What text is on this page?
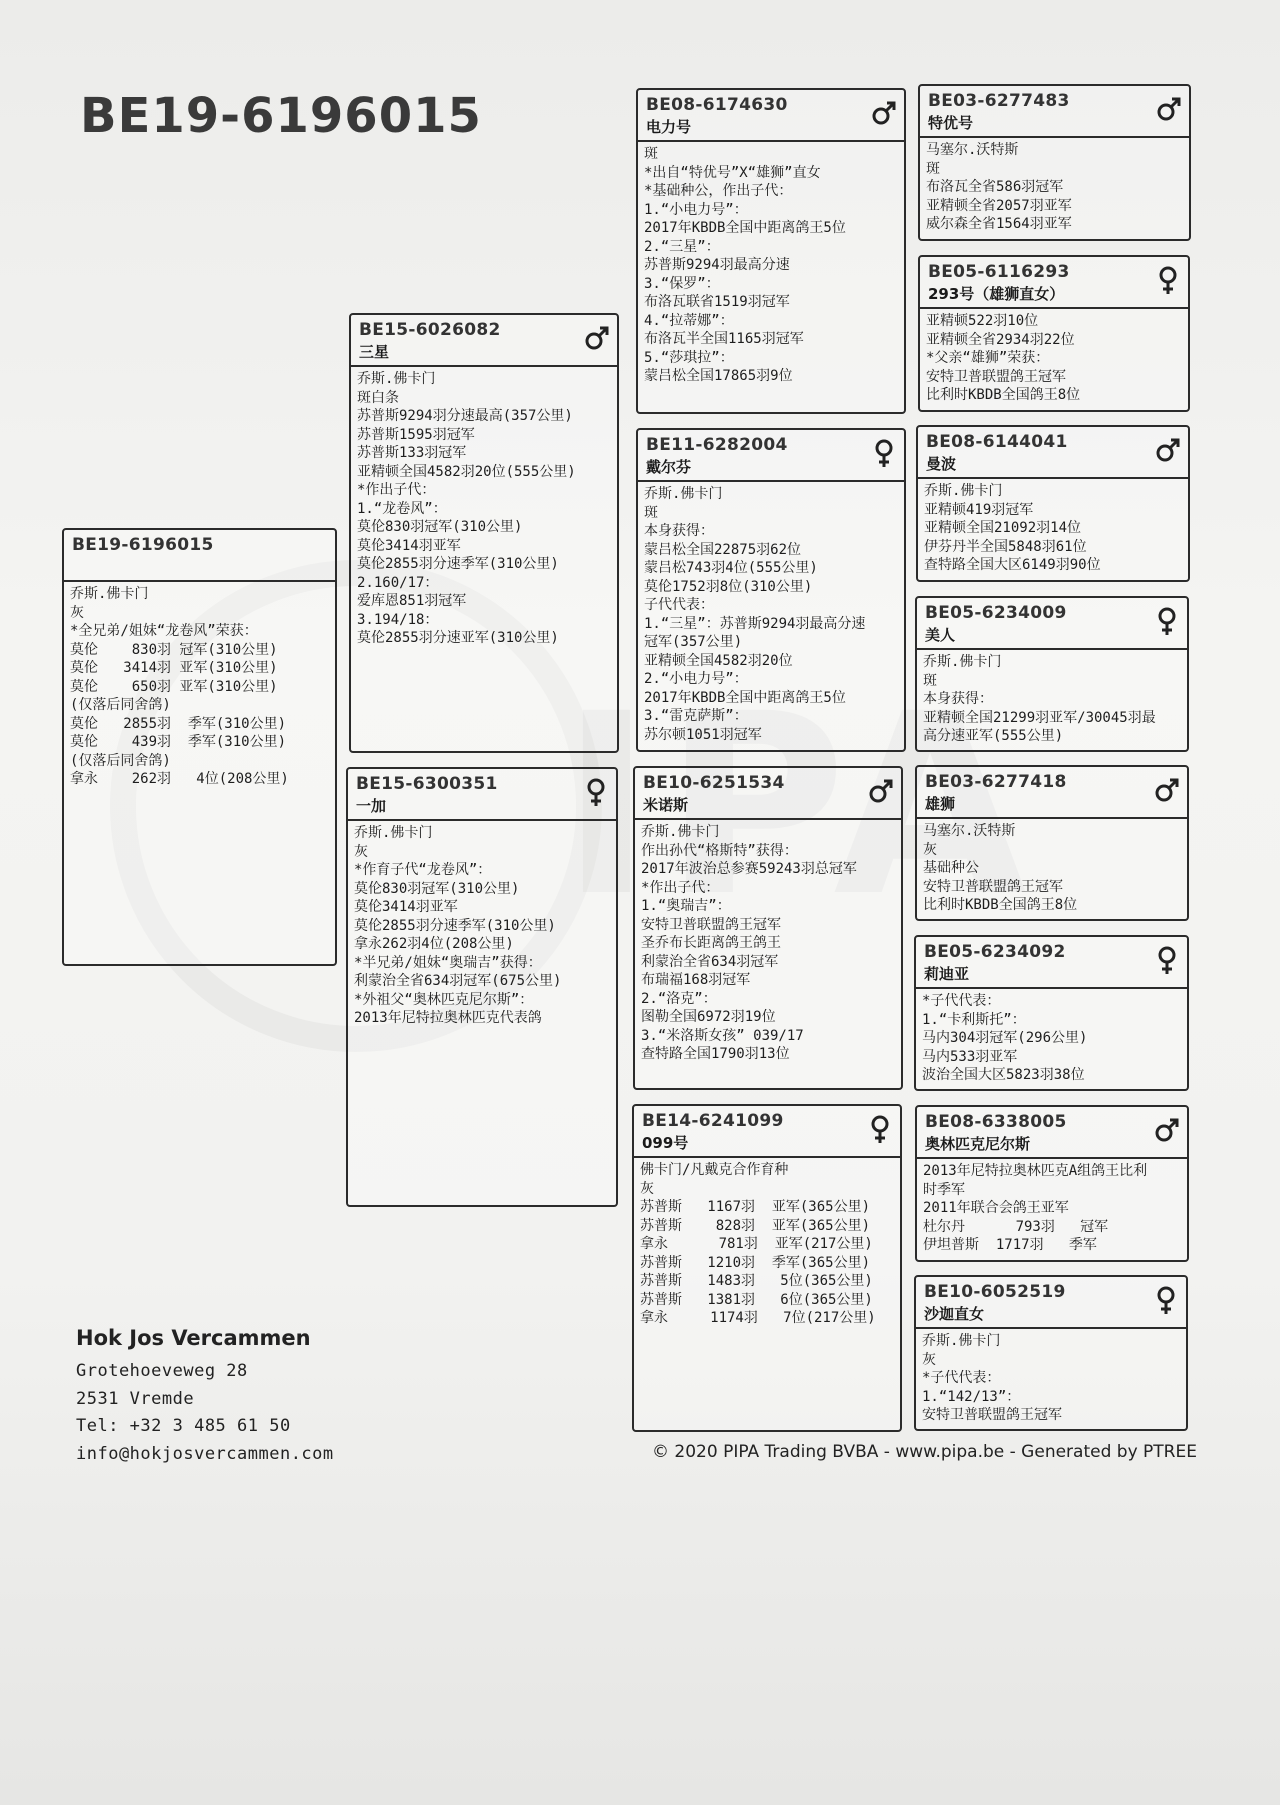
BE19-6196015
BE19-6196015
乔斯.佛卡门
灰
*全兄弟/姐妹“龙卷风”荣获：
莫伦    830羽 冠军(310公里)
莫伦   3414羽 亚军(310公里)
莫伦    650羽 亚军(310公里)
(仅落后同舍鸽)
莫伦   2855羽  季军(310公里)
莫伦    439羽  季军(310公里)
(仅落后同舍鸽)
拿永    262羽   4位(208公里)
BE15-6026082
三星
乔斯.佛卡门
斑白条
苏普斯9294羽分速最高(357公里)
苏普斯1595羽冠军
苏普斯133羽冠军
亚精顿全国4582羽20位(555公里)
*作出子代：
1.“龙卷风”：
莫伦830羽冠军(310公里)
莫伦3414羽亚军
莫伦2855羽分速季军(310公里)
2.160/17：
爱库恩851羽冠军
3.194/18：
莫伦2855羽分速亚军(310公里)
BE15-6300351
一加
乔斯.佛卡门
灰
*作育子代“龙卷风”：
莫伦830羽冠军(310公里)
莫伦3414羽亚军
莫伦2855羽分速季军(310公里)
拿永262羽4位(208公里)
*半兄弟/姐妹“奥瑞吉”获得：
利蒙治全省634羽冠军(675公里)
*外祖父“奥林匹克尼尔斯”：
2013年尼特拉奥林匹克代表鸽
BE08-6174630
电力号
斑
*出自“特优号”X“雄狮”直女
*基础种公，作出子代：
1.“小电力号”：
2017年KBDB全国中距离鸽王5位
2.“三星”：
苏普斯9294羽最高分速
3.“保罗”：
布洛瓦联省1519羽冠军
4.“拉蒂娜”：
布洛瓦半全国1165羽冠军
5.“莎琪拉”：
蒙吕松全国17865羽9位
BE11-6282004
戴尔芬
乔斯.佛卡门
斑
本身获得：
蒙吕松全国22875羽62位
蒙吕松743羽4位(555公里)
莫伦1752羽8位(310公里)
子代代表：
1.“三星”：苏普斯9294羽最高分速
冠军(357公里)
亚精顿全国4582羽20位
2.“小电力号”：
2017年KBDB全国中距离鸽王5位
3.“雷克萨斯”：
苏尔顿1051羽冠军
BE10-6251534
米诺斯
乔斯.佛卡门
作出孙代“格斯特”获得：
2017年波治总参赛59243羽总冠军
*作出子代：
1.“奥瑞吉”：
安特卫普联盟鸽王冠军
圣乔布长距离鸽王鸽王
利蒙治全省634羽冠军
布瑞福168羽冠军
2.“洛克”：
图勒全国6972羽19位
3.“米洛斯女孩” 039/17
查特路全国1790羽13位
BE14-6241099
099号
佛卡门/凡戴克合作育种
灰
苏普斯   1167羽  亚军(365公里)
苏普斯    828羽  亚军(365公里)
拿永      781羽  亚军(217公里)
苏普斯   1210羽  季军(365公里)
苏普斯   1483羽   5位(365公里)
苏普斯   1381羽   6位(365公里)
拿永     1174羽   7位(217公里)
BE03-6277483
特优号
马塞尔.沃特斯
斑
布洛瓦全省586羽冠军
亚精顿全省2057羽亚军
威尔森全省1564羽亚军
BE05-6116293
293号（雄狮直女）
亚精顿522羽10位
亚精顿全省2934羽22位
*父亲“雄狮”荣获：
安特卫普联盟鸽王冠军
比利时KBDB全国鸽王8位
BE08-6144041
曼波
乔斯.佛卡门
亚精顿419羽冠军
亚精顿全国21092羽14位
伊芬丹半全国5848羽61位
查特路全国大区6149羽90位
BE05-6234009
美人
乔斯.佛卡门
斑
本身获得：
亚精顿全国21299羽亚军/30045羽最
高分速亚军(555公里)
BE03-6277418
雄狮
马塞尔.沃特斯
灰
基础种公
安特卫普联盟鸽王冠军
比利时KBDB全国鸽王8位
BE05-6234092
莉迪亚
*子代代表：
1.“卡利斯托”：
马内304羽冠军(296公里)
马内533羽亚军
波治全国大区5823羽38位
BE08-6338005
奥林匹克尼尔斯
2013年尼特拉奥林匹克A组鸽王比利
时季军
2011年联合会鸽王亚军
杜尔丹      793羽   冠军
伊坦普斯  1717羽   季军
BE10-6052519
沙迦直女
乔斯.佛卡门
灰
*子代代表：
1.“142/13”：
安特卫普联盟鸽王冠军
Hok Jos Vercammen
Grotehoeveweg 28
2531 Vremde
Tel: +32 3 485 61 50
info@hokjosvercammen.com	© 2020 PIPA Trading BVBA - www.pipa.be - Generated by PTREE
